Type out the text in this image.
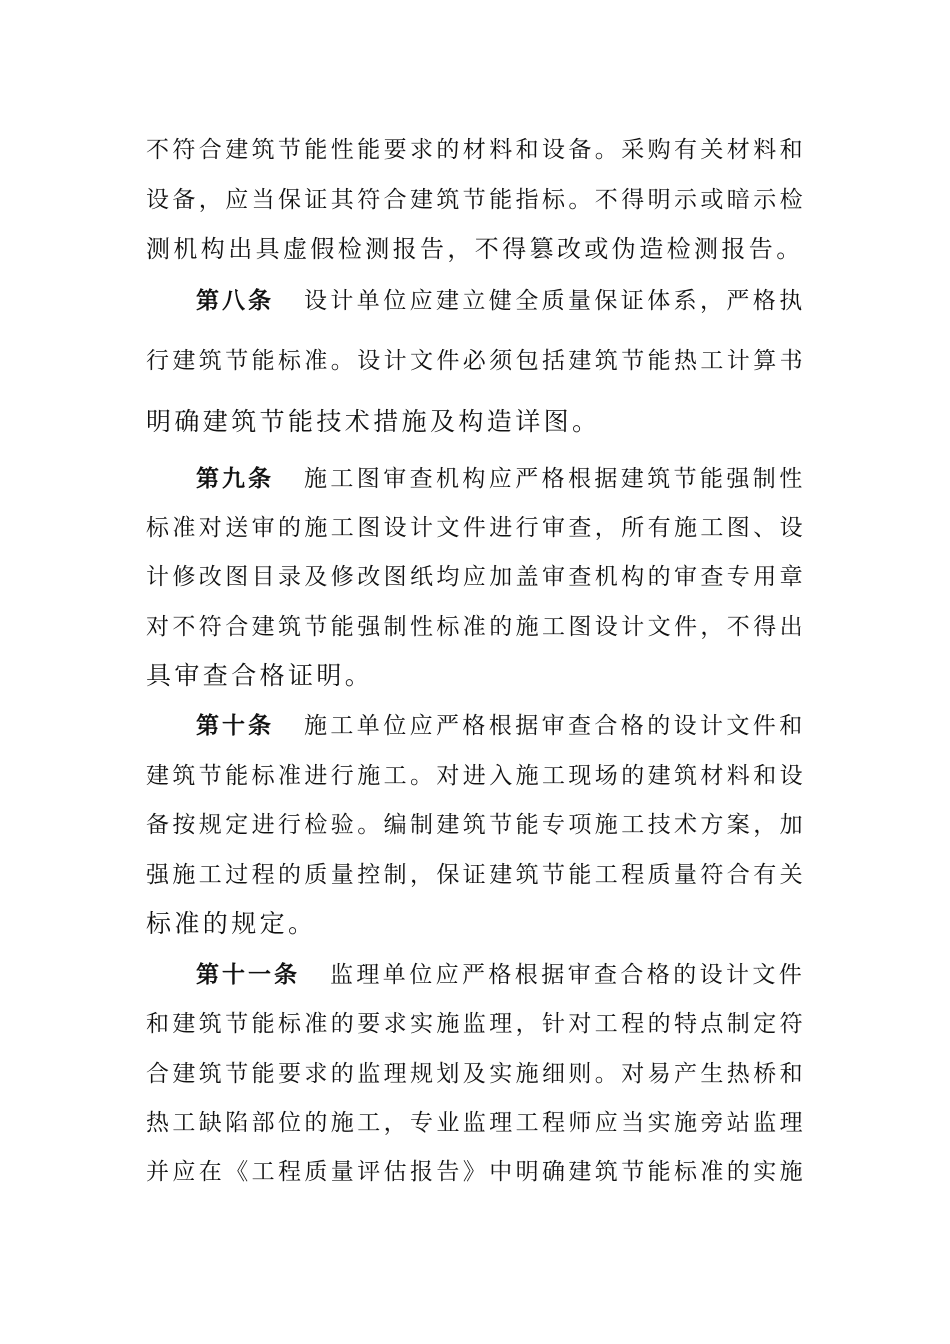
不符合建筑节能性能要求的材料和设备。采购有关材料和
设备，应当保证其符合建筑节能指标。不得明示或暗示检
测机构出具虚假检测报告，不得篡改或伪造检测报告。
第八条 设计单位应建立健全质量保证体系，严格执
行建筑节能标准。设计文件必须包括建筑节能热工计算书
明确建筑节能技术措施及构造详图。
第九条 施工图审查机构应严格根据建筑节能强制性
标准对送审的施工图设计文件进行审查，所有施工图、设
计修改图目录及修改图纸均应加盖审查机构的审查专用章
对不符合建筑节能强制性标准的施工图设计文件，不得出
具审查合格证明。
第十条 施工单位应严格根据审查合格的设计文件和
建筑节能标准进行施工。对进入施工现场的建筑材料和设
备按规定进行检验。编制建筑节能专项施工技术方案，加
强施工过程的质量控制，保证建筑节能工程质量符合有关
标准的规定。
第十一条 监理单位应严格根据审查合格的设计文件
和建筑节能标准的要求实施监理，针对工程的特点制定符
合建筑节能要求的监理规划及实施细则。对易产生热桥和
热工缺陷部位的施工，专业监理工程师应当实施旁站监理
并应在《工程质量评估报告》中明确建筑节能标准的实施
